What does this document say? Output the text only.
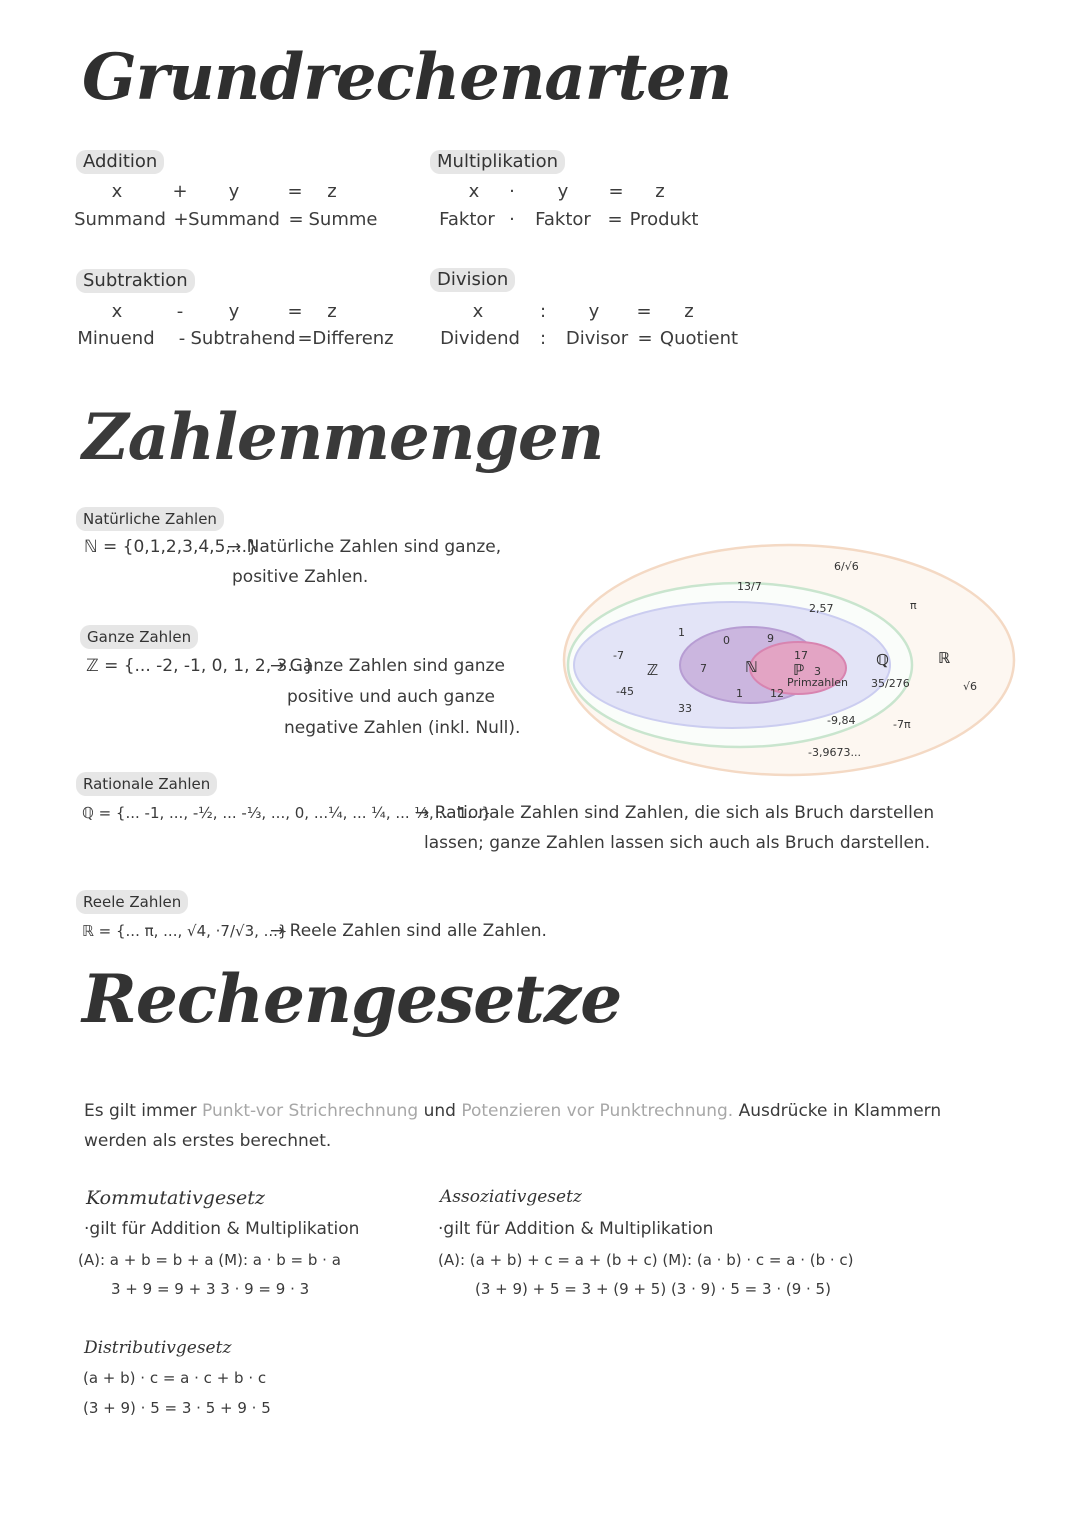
Grundrechenarten
Addition
x	+ y	= z
Summand + Summand = Summe
Multiplikation
x · y = z
Faktor · Faktor = Produkt
Subtraktion
x	-	y	= z
Minuend - Subtrahend = Differenz
Division
x	: y = z
Dividend : Divisor = Quotient
Zahlenmengen
Natürliche Zahlen
ℕ = {0,1,2,3,4,5,...}
→ Natürliche Zahlen sind ganze,
positive Zahlen.
Ganze Zahlen
ℤ = {... -2, -1, 0, 1, 2, 3...}
→ Ganze Zahlen sind ganze
positive und auch ganze
negative Zahlen (inkl. Null).
6/√6
π
ℝ
√6
-7π
-3,9673...
13/7
2,57
ℚ
35/276
-9,84
-7
-45
ℤ
1
33
0	9
7	ℕ
1 12
17
ℙ 3
Primzahlen
Rationale Zahlen
ℚ = {... -1, ..., -½, ... -⅓, ..., 0, ...¼, ... ¼, ... ⅓, ... 1...}
→ Rationale Zahlen sind Zahlen, die sich als Bruch darstellen
lassen; ganze Zahlen lassen sich auch als Bruch darstellen.
Reele Zahlen
ℝ = {... π, ..., √4, ·7/√3, ...}
→ Reele Zahlen sind alle Zahlen.
Rechengesetze
Es gilt immer Punkt-vor Strichrechnung und Potenzieren vor Punktrechnung. Ausdrücke in Klammern
werden als erstes berechnet.
Kommutativgesetz
·gilt für Addition & Multiplikation
(A): a + b = b + a (M): a · b = b · a
3 + 9 = 9 + 3 3 · 9 = 9 · 3
Assoziativgesetz
·gilt für Addition & Multiplikation
(A): (a + b) + c = a + (b + c) (M): (a · b) · c = a · (b · c)
(3 + 9) + 5 = 3 + (9 + 5) (3 · 9) · 5 = 3 · (9 · 5)
Distributivgesetz
(a + b) · c = a · c + b · c
(3 + 9) · 5 = 3 · 5 + 9 · 5
